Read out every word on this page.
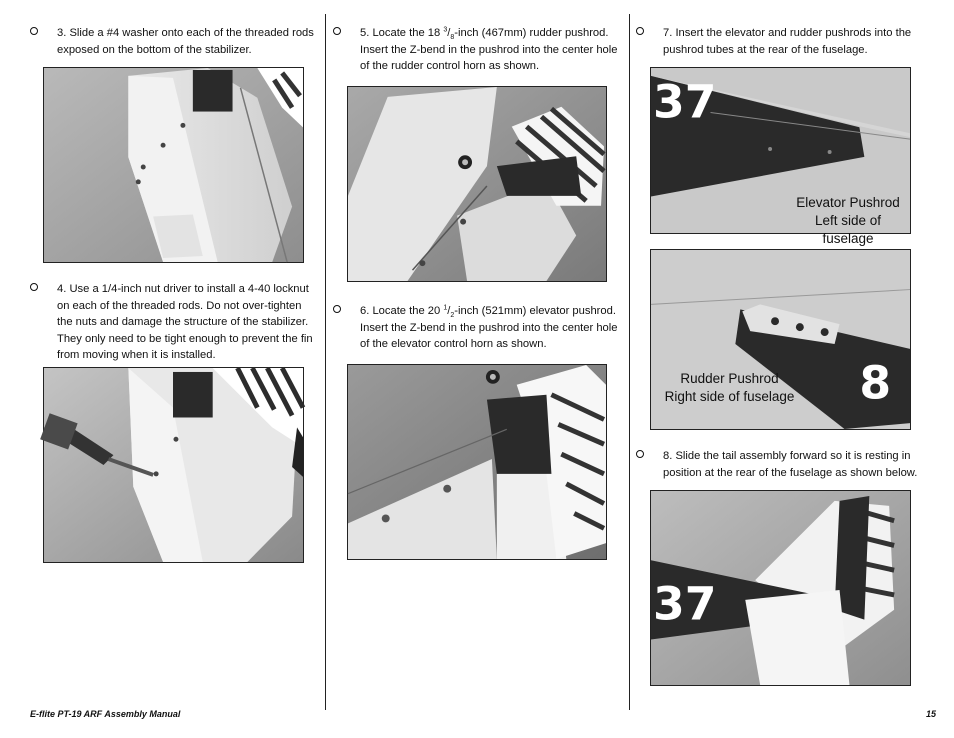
3. Slide a #4 washer onto each of the threaded rods exposed on the bottom of the stabilizer.
4. Use a 1/4-inch nut driver to install a 4-40 locknut on each of the threaded rods. Do not over-tighten the nuts and damage the structure of the stabilizer. They only need to be tight enough to prevent the fin from moving when it is installed.
5. Locate the 18 $^3/_8$-inch (467mm) rudder pushrod. Insert the Z-bend in the pushrod into the center hole of the rudder control horn as shown.
6. Locate the 20 $^1/_2$-inch (521mm) elevator pushrod. Insert the Z-bend in the pushrod into the center hole of the elevator control horn as shown.
7. Insert the elevator and rudder pushrods into the pushrod tubes at the rear of the fuselage.
37
Elevator Pushrod
Left side of fuselage
8
Rudder Pushrod
Right side of fuselage
8. Slide the tail assembly forward so it is resting in position at the rear of the fuselage as shown below.
37
E-flite PT-19 ARF Assembly Manual	15
